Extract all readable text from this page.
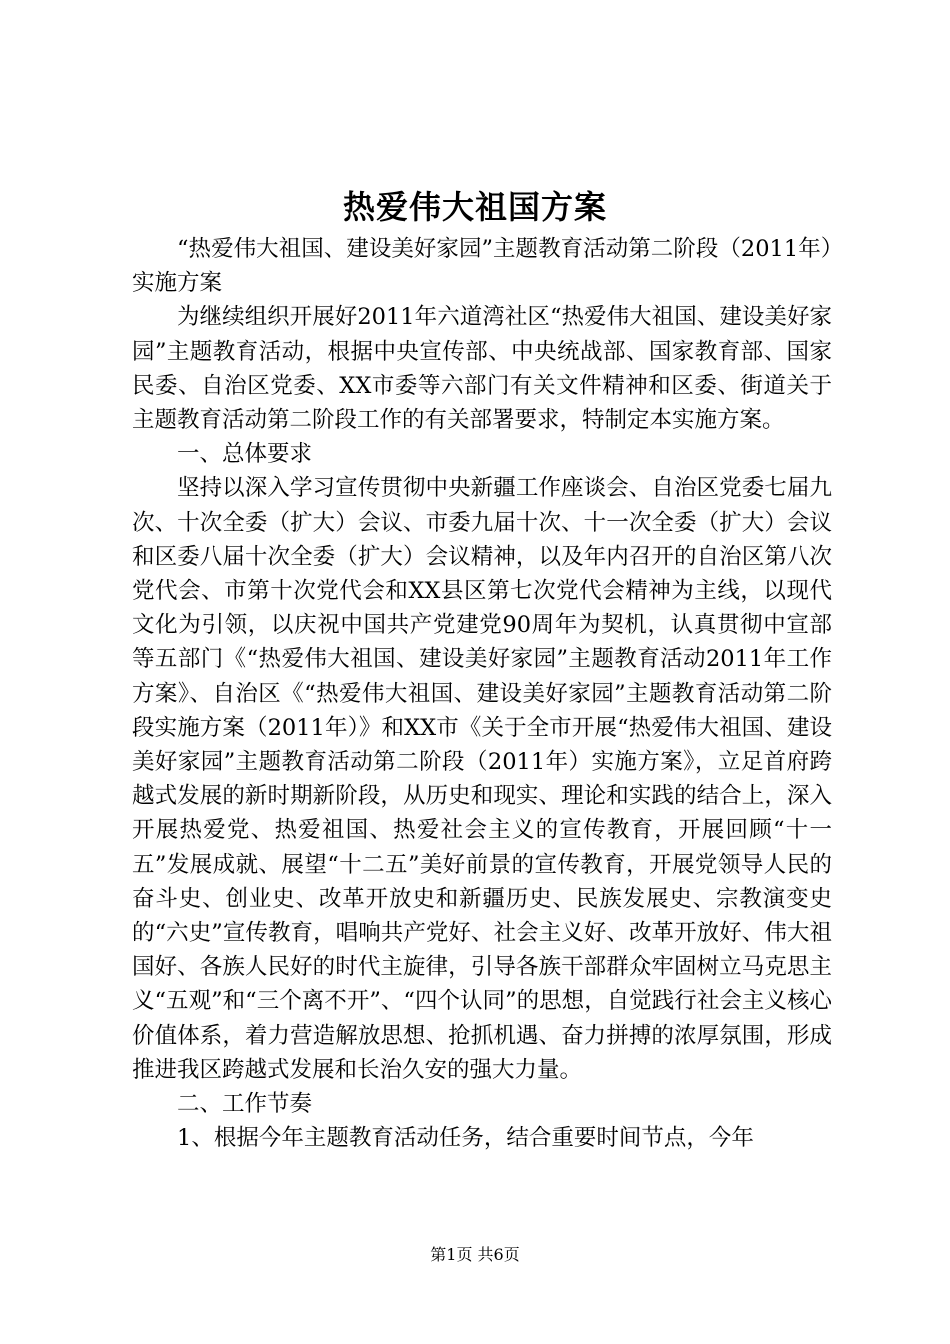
热爱伟大祖国方案

“热爱伟大祖国、建设美好家园”主题教育活动第二阶段（2011年）实施方案

为继续组织开展好2011年六道湾社区“热爱伟大祖国、建设美好家园”主题教育活动，根据中央宣传部、中央统战部、国家教育部、国家民委、自治区党委、XX市委等六部门有关文件精神和区委、街道关于主题教育活动第二阶段工作的有关部署要求，特制定本实施方案。

一、总体要求

坚持以深入学习宣传贯彻中央新疆工作座谈会、自治区党委七届九次、十次全委（扩大）会议、市委九届十次、十一次全委（扩大）会议和区委八届十次全委（扩大）会议精神，以及年内召开的自治区第八次党代会、市第十次党代会和XX县区第七次党代会精神为主线，以现代文化为引领，以庆祝中国共产党建党90周年为契机，认真贯彻中宣部等五部门《“热爱伟大祖国、建设美好家园”主题教育活动2011年工作方案》、自治区《“热爱伟大祖国、建设美好家园”主题教育活动第二阶段实施方案（2011年）》和XX市《关于全市开展“热爱伟大祖国、建设美好家园”主题教育活动第二阶段（2011年）实施方案》，立足首府跨越式发展的新时期新阶段，从历史和现实、理论和实践的结合上，深入开展热爱党、热爱祖国、热爱社会主义的宣传教育，开展回顾“十一五”发展成就、展望“十二五”美好前景的宣传教育，开展党领导人民的奋斗史、创业史、改革开放史和新疆历史、民族发展史、宗教演变史的“六史”宣传教育，唱响共产党好、社会主义好、改革开放好、伟大祖国好、各族人民好的时代主旋律，引导各族干部群众牢固树立马克思主义“五观”和“三个离不开”、“四个认同”的思想，自觉践行社会主义核心价值体系，着力营造解放思想、抢抓机遇、奋力拼搏的浓厚氛围，形成推进我区跨越式发展和长治久安的强大力量。

二、工作节奏

1、根据今年主题教育活动任务，结合重要时间节点，今年

第1页 共6页
